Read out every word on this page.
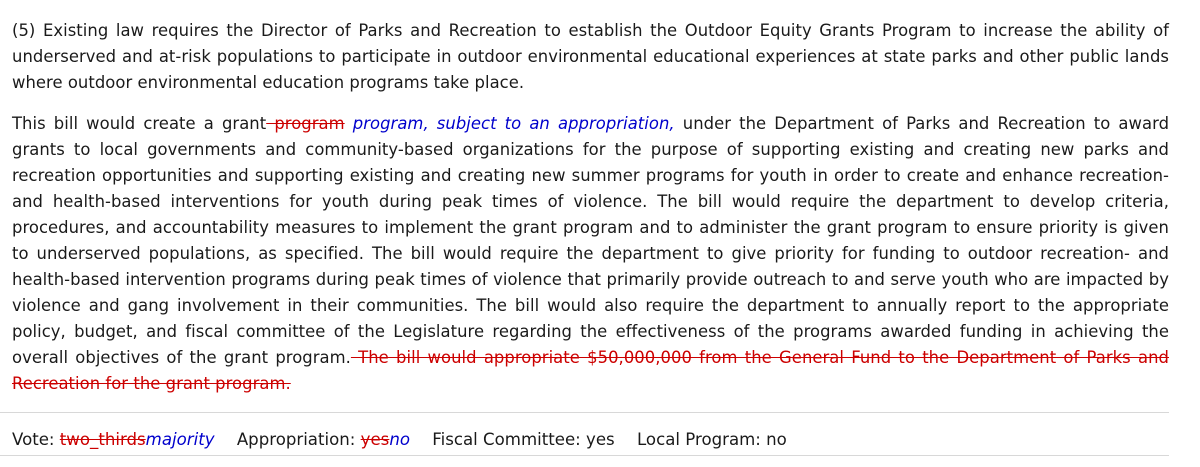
(5) Existing law requires the Director of Parks and Recreation to establish the Outdoor Equity Grants Program to increase the ability of underserved and at-risk populations to participate in outdoor environmental educational experiences at state parks and other public lands where outdoor environmental education programs take place.

This bill would create a grant program program, subject to an appropriation, under the Department of Parks and Recreation to award grants to local governments and community-based organizations for the purpose of supporting existing and creating new parks and recreation opportunities and supporting existing and creating new summer programs for youth in order to create and enhance recreation- and health-based interventions for youth during peak times of violence. The bill would require the department to develop criteria, procedures, and accountability measures to implement the grant program and to administer the grant program to ensure priority is given to underserved populations, as specified. The bill would require the department to give priority for funding to outdoor recreation- and health-based intervention programs during peak times of violence that primarily provide outreach to and serve youth who are impacted by violence and gang involvement in their communities. The bill would also require the department to annually report to the appropriate policy, budget, and fiscal committee of the Legislature regarding the effectiveness of the programs awarded funding in achieving the overall objectives of the grant program. The bill would appropriate $50,000,000 from the General Fund to the Department of Parks and Recreation for the grant program.

Vote: two_thirdsmajority Appropriation: yesno Fiscal Committee: yes Local Program: no
